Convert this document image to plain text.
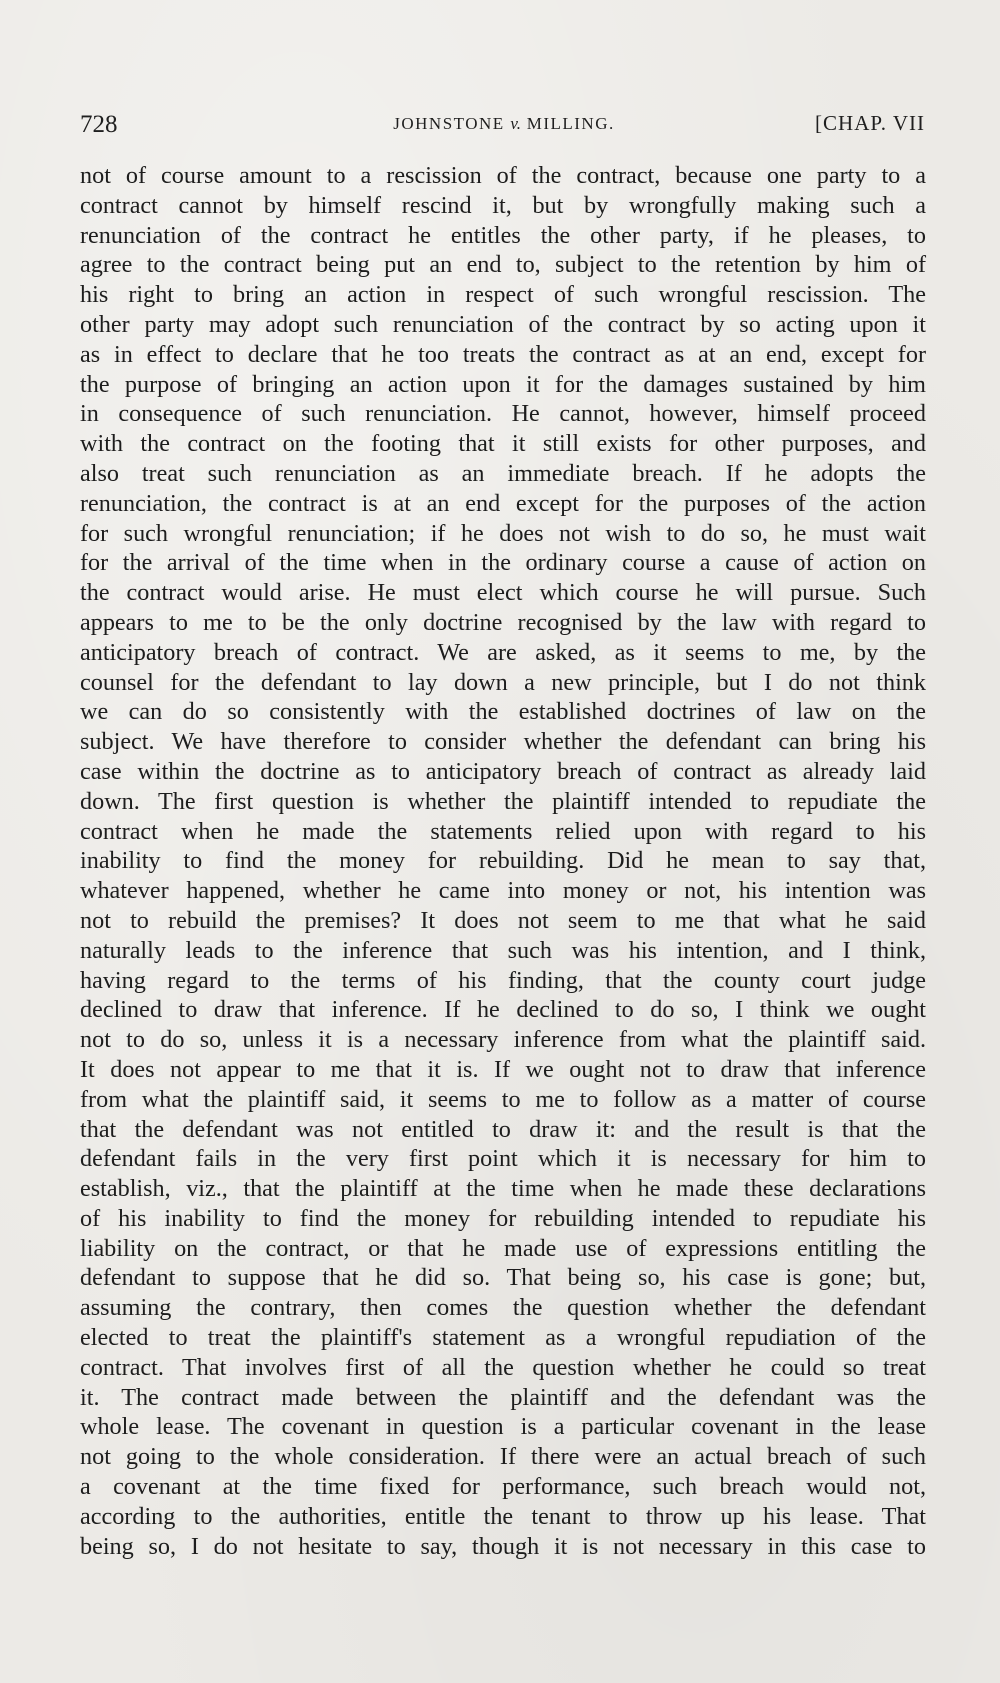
728	JOHNSTONE v. MILLING.	[CHAP. VII
not of course amount to a rescission of the contract, because one party to a
contract cannot by himself rescind it, but by wrongfully making such a
renunciation of the contract he entitles the other party, if he pleases, to
agree to the contract being put an end to, subject to the retention by him of
his right to bring an action in respect of such wrongful rescission. The
other party may adopt such renunciation of the contract by so acting upon it
as in effect to declare that he too treats the contract as at an end, except for
the purpose of bringing an action upon it for the damages sustained by him
in consequence of such renunciation. He cannot, however, himself proceed
with the contract on the footing that it still exists for other purposes, and
also treat such renunciation as an immediate breach. If he adopts the
renunciation, the contract is at an end except for the purposes of the action
for such wrongful renunciation; if he does not wish to do so, he must wait
for the arrival of the time when in the ordinary course a cause of action on
the contract would arise. He must elect which course he will pursue. Such
appears to me to be the only doctrine recognised by the law with regard to
anticipatory breach of contract. We are asked, as it seems to me, by the
counsel for the defendant to lay down a new principle, but I do not think
we can do so consistently with the established doctrines of law on the
subject. We have therefore to consider whether the defendant can bring his
case within the doctrine as to anticipatory breach of contract as already laid
down. The first question is whether the plaintiff intended to repudiate the
contract when he made the statements relied upon with regard to his
inability to find the money for rebuilding. Did he mean to say that,
whatever happened, whether he came into money or not, his intention was
not to rebuild the premises? It does not seem to me that what he said
naturally leads to the inference that such was his intention, and I think,
having regard to the terms of his finding, that the county court judge
declined to draw that inference. If he declined to do so, I think we ought
not to do so, unless it is a necessary inference from what the plaintiff said.
It does not appear to me that it is. If we ought not to draw that inference
from what the plaintiff said, it seems to me to follow as a matter of course
that the defendant was not entitled to draw it: and the result is that the
defendant fails in the very first point which it is necessary for him to
establish, viz., that the plaintiff at the time when he made these declarations
of his inability to find the money for rebuilding intended to repudiate his
liability on the contract, or that he made use of expressions entitling the
defendant to suppose that he did so. That being so, his case is gone; but,
assuming the contrary, then comes the question whether the defendant
elected to treat the plaintiff's statement as a wrongful repudiation of the
contract. That involves first of all the question whether he could so treat
it. The contract made between the plaintiff and the defendant was the
whole lease. The covenant in question is a particular covenant in the lease
not going to the whole consideration. If there were an actual breach of such
a covenant at the time fixed for performance, such breach would not,
according to the authorities, entitle the tenant to throw up his lease. That
being so, I do not hesitate to say, though it is not necessary in this case to
